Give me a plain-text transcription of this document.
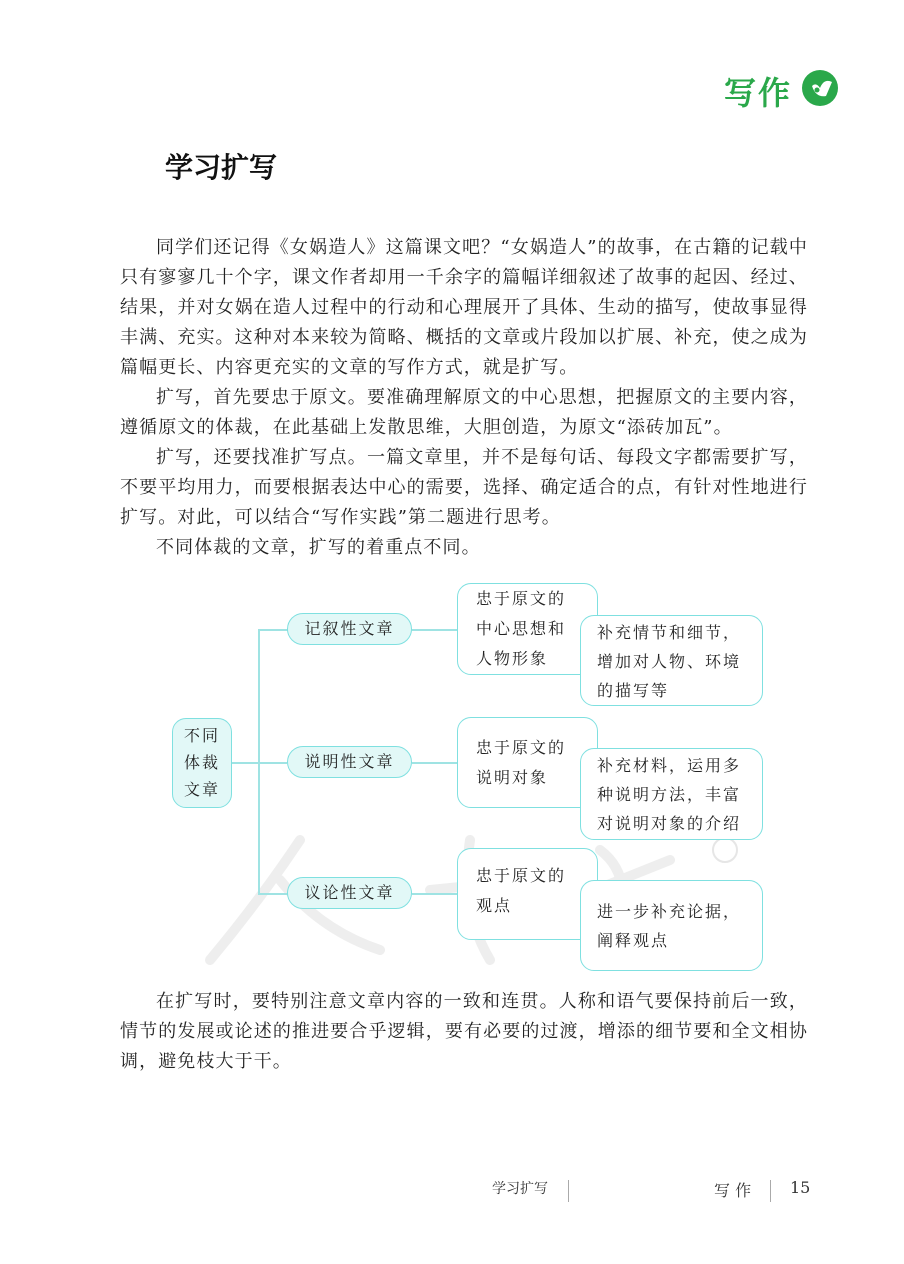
写作
学习扩写

同学们还记得《女娲造人》这篇课文吧？“女娲造人”的故事，在古籍的记载中只有寥寥几十个字，课文作者却用一千余字的篇幅详细叙述了故事的起因、经过、结果，并对女娲在造人过程中的行动和心理展开了具体、生动的描写，使故事显得丰满、充实。这种对本来较为简略、概括的文章或片段加以扩展、补充，使之成为篇幅更长、内容更充实的文章的写作方式，就是扩写。

扩写，首先要忠于原文。要准确理解原文的中心思想，把握原文的主要内容，遵循原文的体裁，在此基础上发散思维，大胆创造，为原文“添砖加瓦”。

扩写，还要找准扩写点。一篇文章里，并不是每句话、每段文字都需要扩写，不要平均用力，而要根据表达中心的需要，选择、确定适合的点，有针对性地进行扩写。对此，可以结合“写作实践”第二题进行思考。

不同体裁的文章，扩写的着重点不同。

不同体裁文章
记叙性文章
说明性文章
议论性文章
忠于原文的中心思想和人物形象
忠于原文的说明对象
忠于原文的观点
补充情节和细节，增加对人物、环境的描写等
补充材料，运用多种说明方法，丰富对说明对象的介绍
进一步补充论据，阐释观点

在扩写时，要特别注意文章内容的一致和连贯。人称和语气要保持前后一致，情节的发展或论述的推进要合乎逻辑，要有必要的过渡，增添的细节要和全文相协调，避免枝大于干。

学习扩写	写 作 15
